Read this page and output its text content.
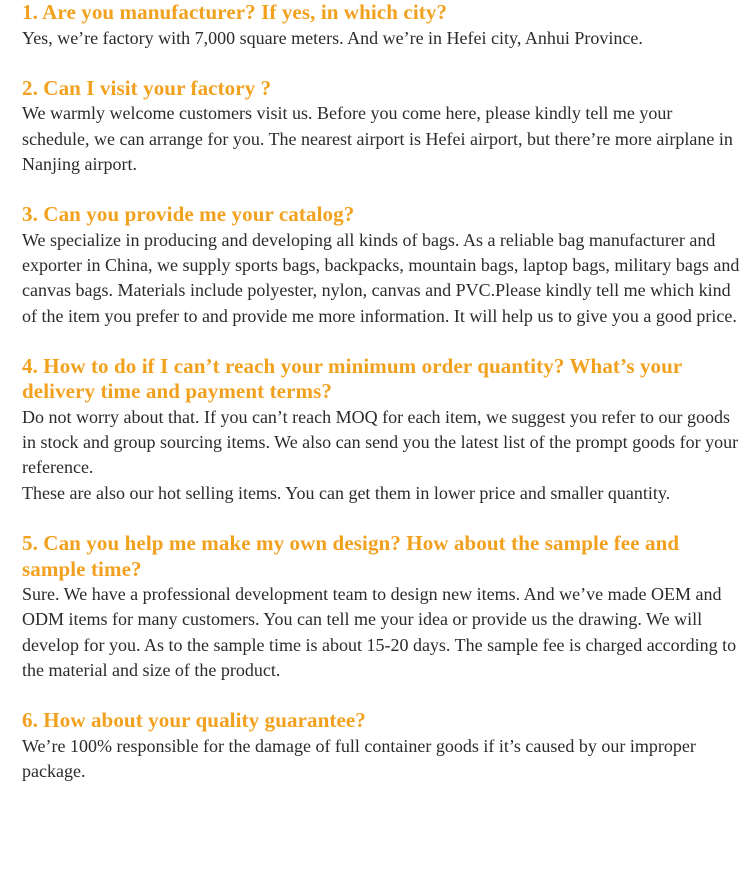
1. Are you manufacturer? If yes, in which city?

Yes, we’re factory with 7,000 square meters. And we’re in Hefei city, Anhui Province.

2. Can I visit your factory ?

We warmly welcome customers visit us. Before you come here, please kindly tell me your schedule, we can arrange for you. The nearest airport is Hefei airport, but there’re more airplane in Nanjing airport.

3. Can you provide me your catalog?

We specialize in producing and developing all kinds of bags. As a reliable bag manufacturer and exporter in China, we supply sports bags, backpacks, mountain bags, laptop bags, military bags and canvas bags. Materials include polyester, nylon, canvas and PVC.Please kindly tell me which kind of the item you prefer to and provide me more information. It will help us to give you a good price.

4. How to do if I can’t reach your minimum order quantity? What’s your delivery time and payment terms?

Do not worry about that. If you can’t reach MOQ for each item, we suggest you refer to our goods in stock and group sourcing items. We also can send you the latest list of the prompt goods for your reference.

These are also our hot selling items. You can get them in lower price and smaller quantity.

5. Can you help me make my own design? How about the sample fee and sample time?

Sure. We have a professional development team to design new items. And we’ve made OEM and ODM items for many customers. You can tell me your idea or provide us the drawing. We will develop for you. As to the sample time is about 15-20 days. The sample fee is charged according to the material and size of the product.

6. How about your quality guarantee?

We’re 100% responsible for the damage of full container goods if it’s caused by our improper package.
